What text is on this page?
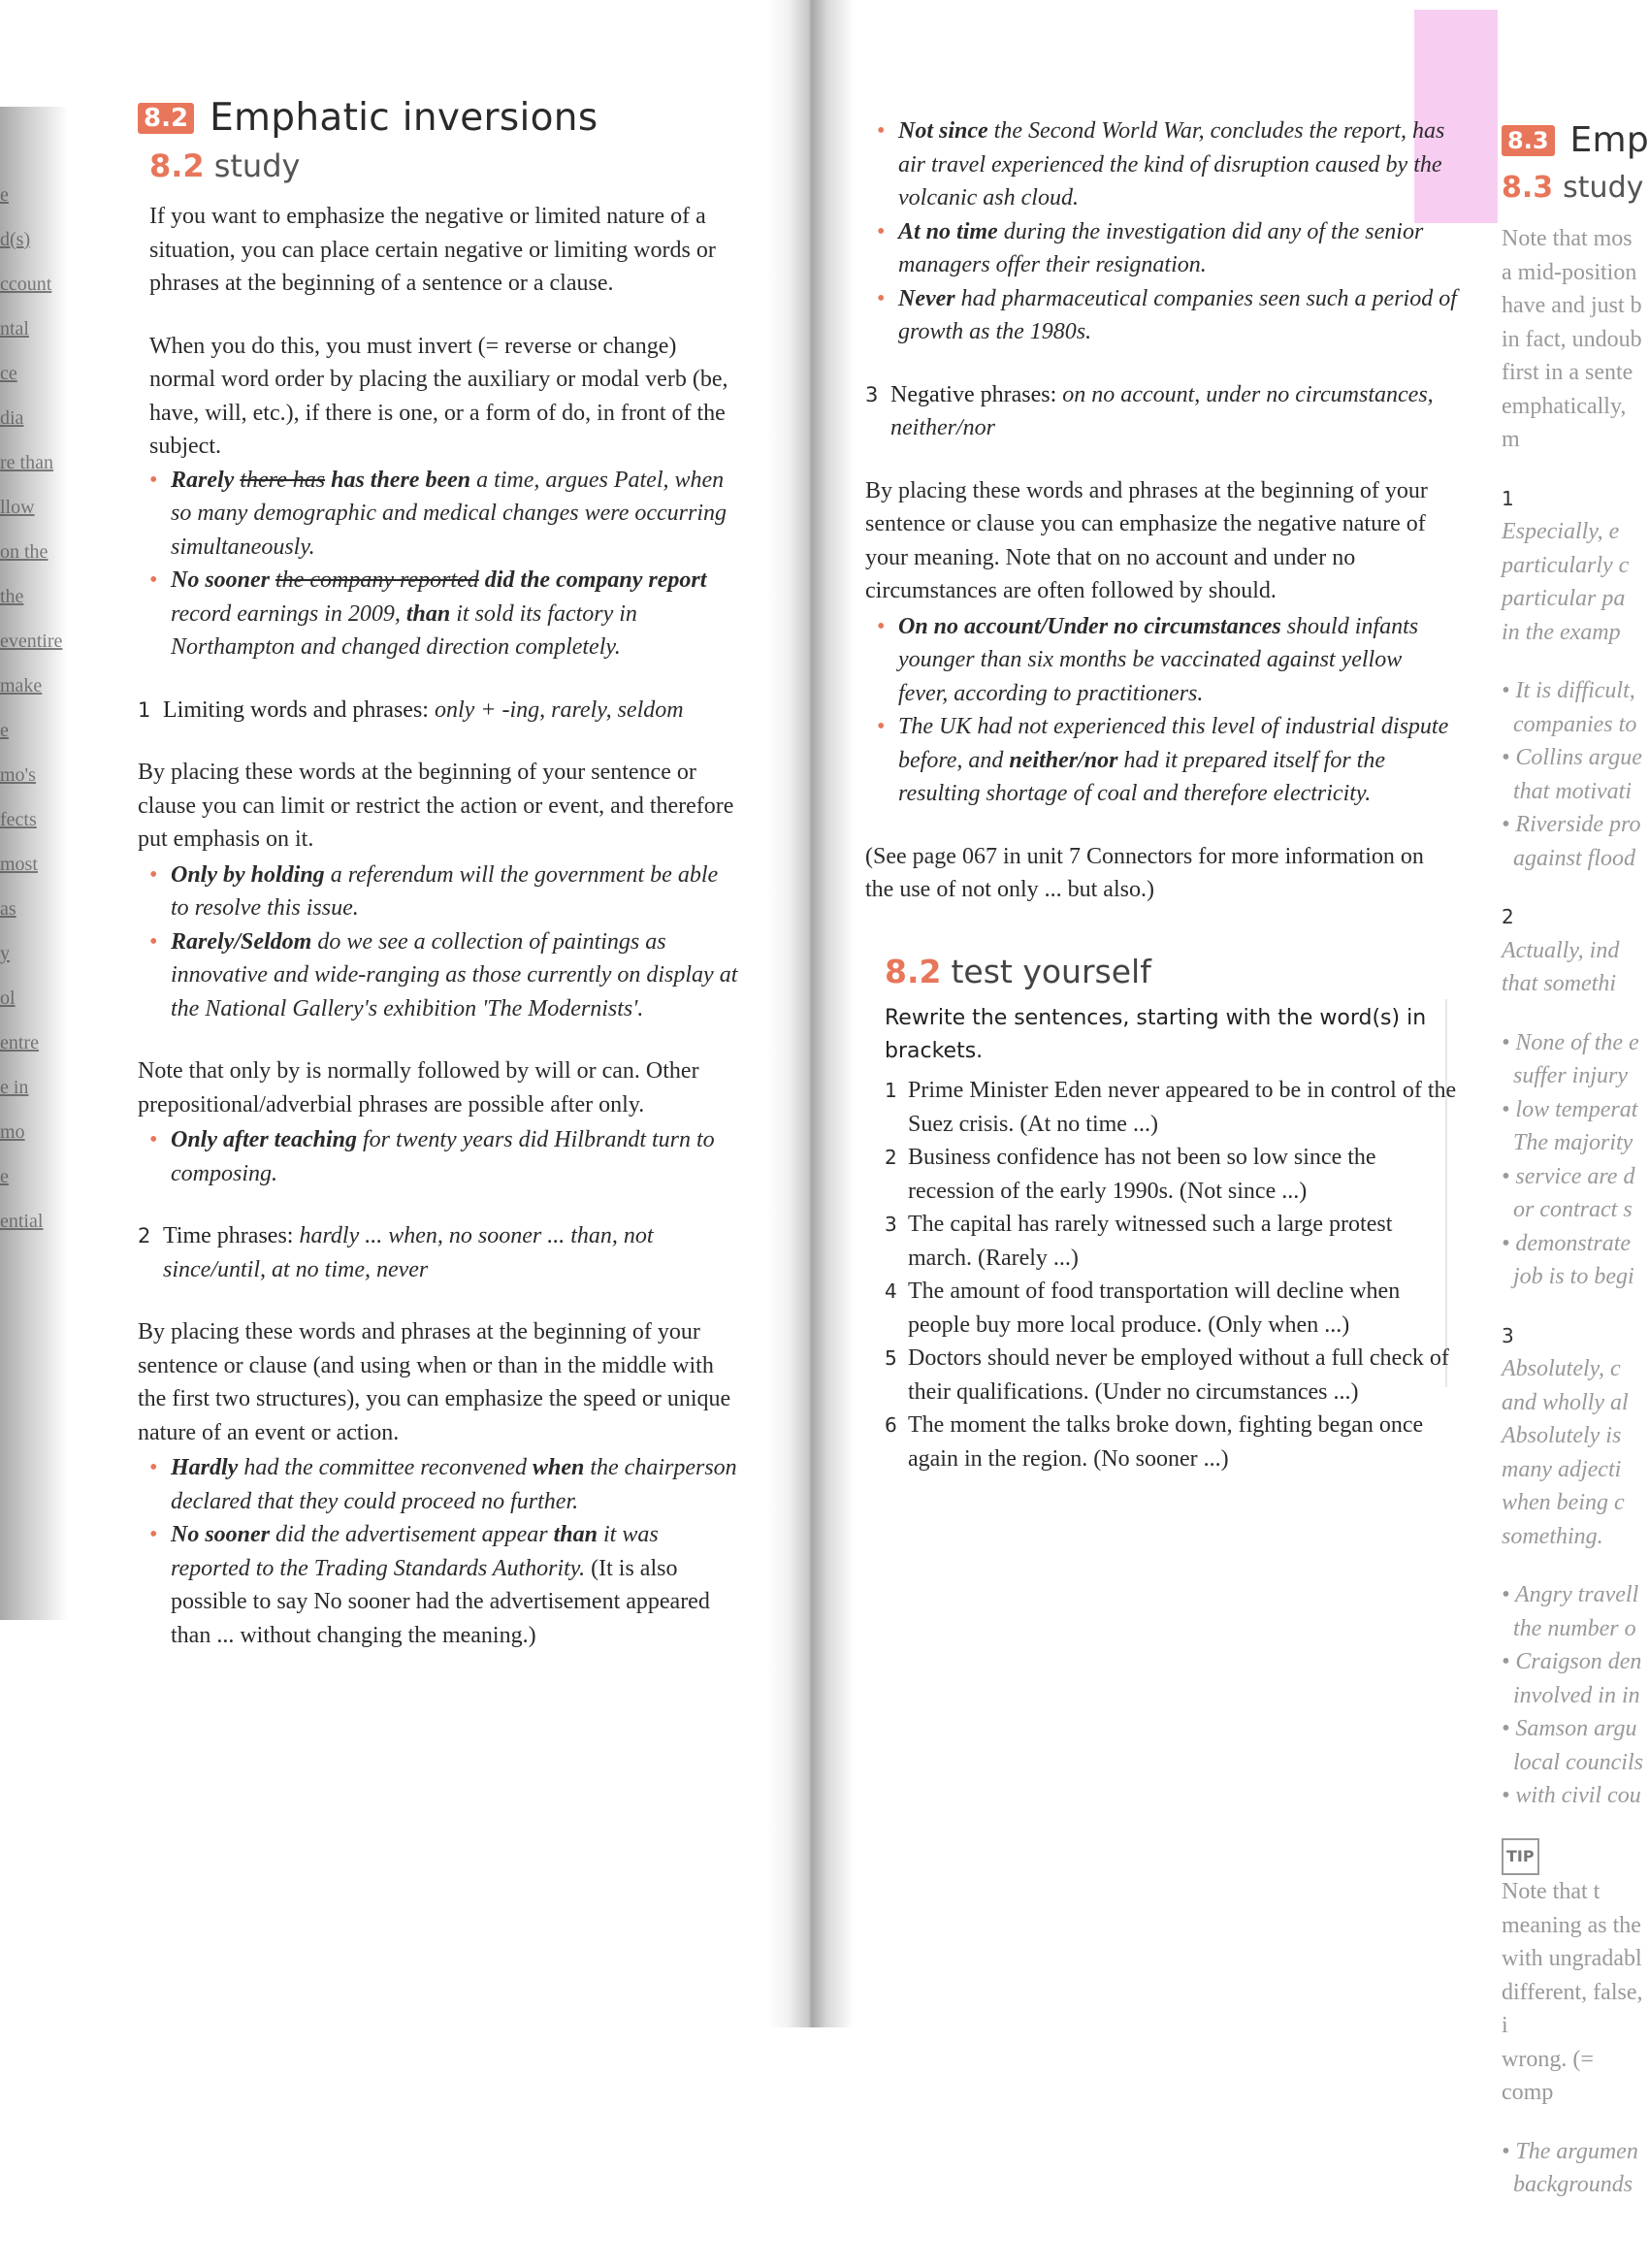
e
d(s)
ccount
ntal
ce
dia
re than
llow
on the
the
eventire
make
e
mo's
fects
most
as
y
ol
entre
e in
mo
e
ential
8.2 Emphatic inversions
8.2 study

If you want to emphasize the negative or limited nature of a situation, you can place certain negative or limiting words or phrases at the beginning of a sentence or a clause.

When you do this, you must invert (= reverse or change) normal word order by placing the auxiliary or modal verb (be, have, will, etc.), if there is one, or a form of do, in front of the subject.

• Rarely there has has there been a time, argues Patel, when so many demographic and medical changes were occurring simultaneously.
• No sooner the company reported did the company report record earnings in 2009, than it sold its factory in Northampton and changed direction completely.
1 Limiting words and phrases: only + -ing, rarely, seldom

By placing these words at the beginning of your sentence or clause you can limit or restrict the action or event, and therefore put emphasis on it.

• Only by holding a referendum will the government be able to resolve this issue.
• Rarely/Seldom do we see a collection of paintings as innovative and wide-ranging as those currently on display at the National Gallery's exhibition 'The Modernists'.

Note that only by is normally followed by will or can. Other prepositional/adverbial phrases are possible after only.

• Only after teaching for twenty years did Hilbrandt turn to composing.
2 Time phrases: hardly ... when, no sooner ... than, not since/until, at no time, never

By placing these words and phrases at the beginning of your sentence or clause (and using when or than in the middle with the first two structures), you can emphasize the speed or unique nature of an event or action.

• Hardly had the committee reconvened when the chairperson declared that they could proceed no further.
• No sooner did the advertisement appear than it was reported to the Trading Standards Authority. (It is also possible to say No sooner had the advertisement appeared than ... without changing the meaning.)
• Not since the Second World War, concludes the report, has air travel experienced the kind of disruption caused by the volcanic ash cloud.
• At no time during the investigation did any of the senior managers offer their resignation.
• Never had pharmaceutical companies seen such a period of growth as the 1980s.
3 Negative phrases: on no account, under no circumstances, neither/nor

By placing these words and phrases at the beginning of your sentence or clause you can emphasize the negative nature of your meaning. Note that on no account and under no circumstances are often followed by should.

• On no account/Under no circumstances should infants younger than six months be vaccinated against yellow fever, according to practitioners.
• The UK had not experienced this level of industrial dispute before, and neither/nor had it prepared itself for the resulting shortage of coal and therefore electricity.

(See page 067 in unit 7 Connectors for more information on the use of not only ... but also.)

8.2 test yourself
Rewrite the sentences, starting with the word(s) in brackets.
1 Prime Minister Eden never appeared to be in control of the Suez crisis. (At no time ...)
2 Business confidence has not been so low since the recession of the early 1990s. (Not since ...)
3 The capital has rarely witnessed such a large protest march. (Rarely ...)
4 The amount of food transportation will decline when people buy more local produce. (Only when ...)
5 Doctors should never be employed without a full check of their qualifications. (Under no circumstances ...)
6 The moment the talks broke down, fighting began once again in the region. (No sooner ...)
8.3 Emp
8.3 study
Note that mos
a mid-position
have and just b
in fact, undoub
first in a sente
emphatically, m
1
Especially, e
particularly c
particular pa
in the examp
• It is difficult,
companies to
• Collins argue
that motivati
• Riverside pro
against flood
2
Actually, ind
that somethi
• None of the e
suffer injury
• low temperat
The majority
• service are d
or contract s
• demonstrate
job is to begi
3
Absolutely, c
and wholly al
Absolutely is
many adjecti
when being c
something.
• Angry travell
the number o
• Craigson den
involved in in
• Samson argu
local councils
• with civil cou
TIP
Note that t
meaning as the
with ungradabl
different, false, i
wrong. (= comp
• The argumen
backgrounds
